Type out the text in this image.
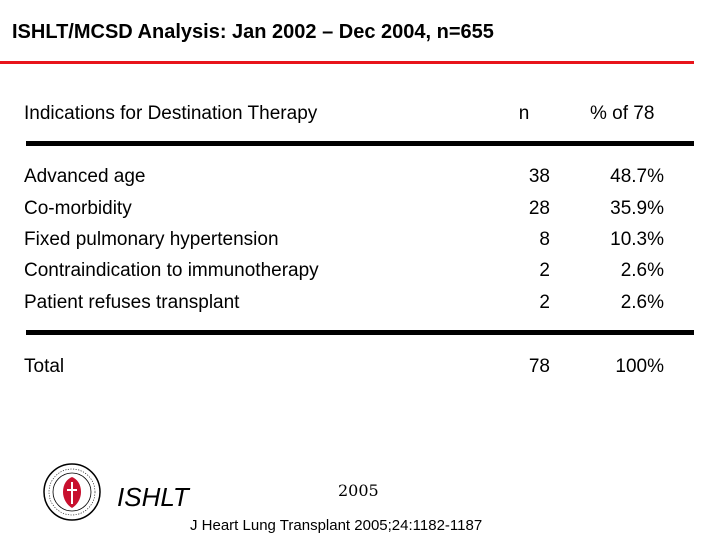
ISHLT/MCSD Analysis: Jan 2002 – Dec 2004, n=655
Indications for Destination Therapy	n	% of 78
Advanced age	38	48.7%
Co-morbidity	28	35.9%
Fixed pulmonary hypertension	8	10.3%
Contraindication to immunotherapy	2	2.6%
Patient refuses transplant	2	2.6%
Total	78	100%
ISHLT	2005
J Heart Lung Transplant 2005;24:1182-1187
